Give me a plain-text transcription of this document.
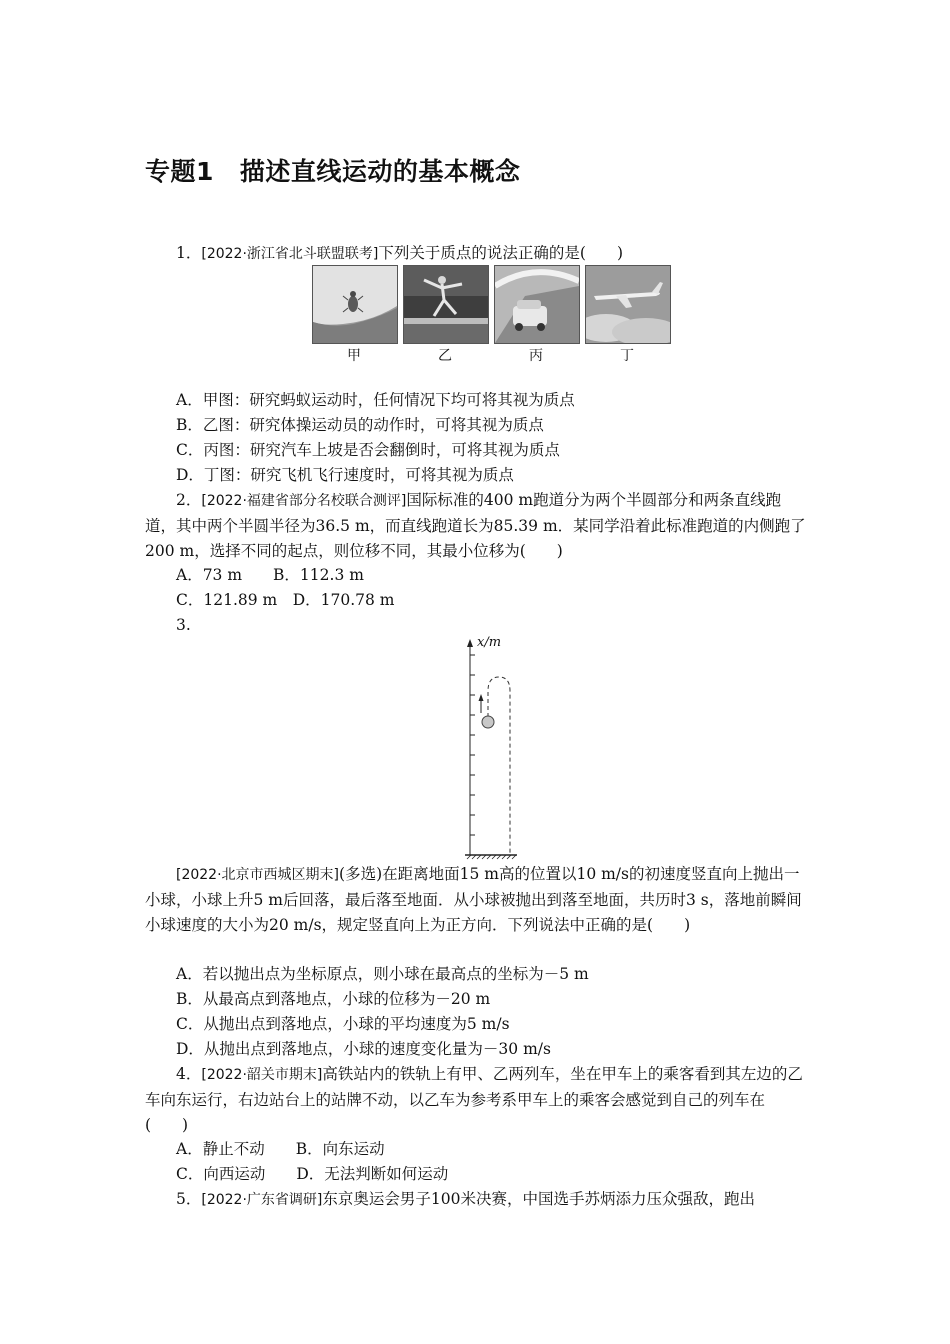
专题1 描述直线运动的基本概念

1．[2022·浙江省北斗联盟联考]下列关于质点的说法正确的是(　　)

甲	乙	丙	丁
A．甲图：研究蚂蚁运动时，任何情况下均可将其视为质点
B．乙图：研究体操运动员的动作时，可将其视为质点
C．丙图：研究汽车上坡是否会翻倒时，可将其视为质点
D．丁图：研究飞机飞行速度时，可将其视为质点

2．[2022·福建省部分名校联合测评]国际标准的400 m跑道分为两个半圆部分和两条直线跑道，其中两个半圆半径为36.5 m，而直线跑道长为85.39 m．某同学沿着此标准跑道的内侧跑了200 m，选择不同的起点，则位移不同，其最小位移为(　　)

A．73 m　　B．112.3 m
C．121.89 m　D．170.78 m
3.
x/m

[2022·北京市西城区期末](多选)在距离地面15 m高的位置以10 m/s的初速度竖直向上抛出一小球，小球上升5 m后回落，最后落至地面．从小球被抛出到落至地面，共历时3 s，落地前瞬间小球速度的大小为20 m/s，规定竖直向上为正方向．下列说法中正确的是(　　)

A．若以抛出点为坐标原点，则小球在最高点的坐标为－5 m
B．从最高点到落地点，小球的位移为－20 m
C．从抛出点到落地点，小球的平均速度为5 m/s
D．从抛出点到落地点，小球的速度变化量为－30 m/s

4．[2022·韶关市期末]高铁站内的铁轨上有甲、乙两列车，坐在甲车上的乘客看到其左边的乙车向东运行，右边站台上的站牌不动，以乙车为参考系甲车上的乘客会感觉到自己的列车在(　　)

A．静止不动　　B．向东运动
C．向西运动　　D．无法判断如何运动

5．[2022·广东省调研]东京奥运会男子100米决赛，中国选手苏炳添力压众强敌，跑出
